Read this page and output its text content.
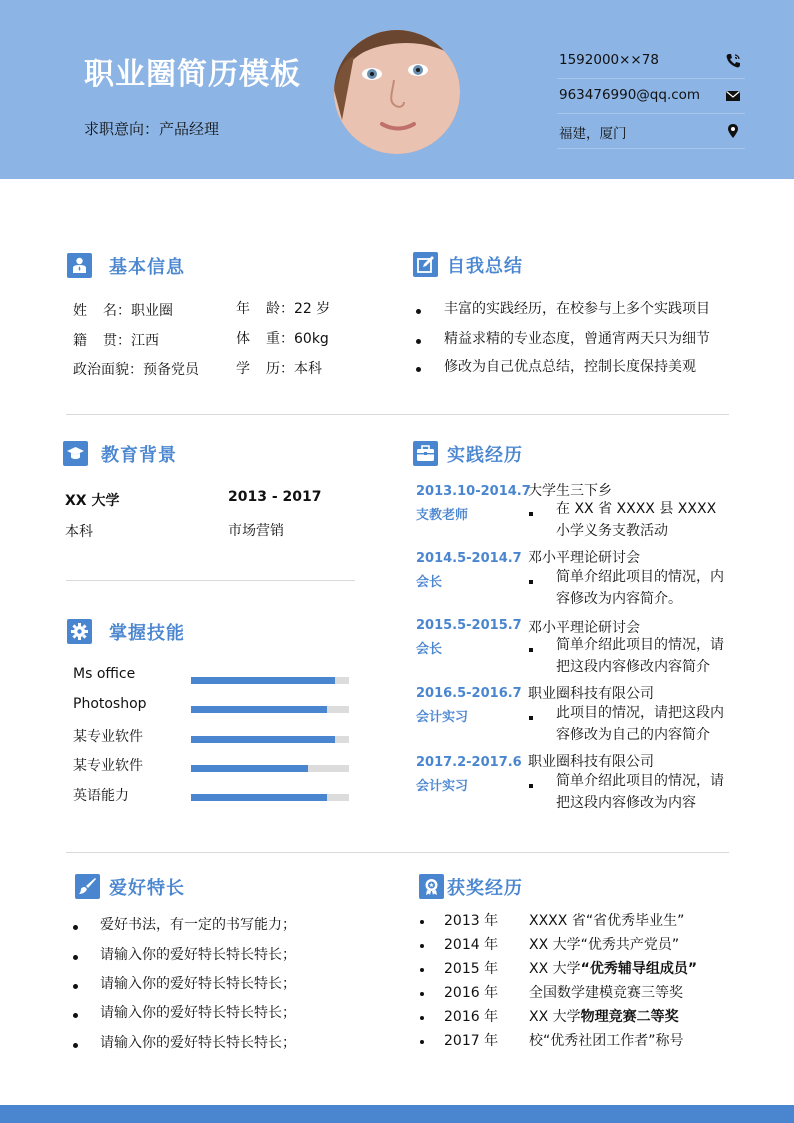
职业圈简历模板
求职意向：产品经理
1592000××78
963476990@qq.com
福建，厦门
基本信息
姓 名：职业圈	年 龄：22 岁
籍 贯：江西	体 重：60kg
政治面貌：预备党员	学 历：本科
自我总结
丰富的实践经历，在校参与上多个实践项目
精益求精的专业态度，曾通宵两天只为细节
修改为自己优点总结，控制长度保持美观
教育背景
XX 大学	2013 - 2017
本科	市场营销
掌握技能
Ms office
Photoshop
某专业软件
某专业软件
英语能力
实践经历
2013.10-2014.7
支教老师
大学生三下乡
在 XX 省 XXXX 县 XXXX 小学义务支教活动
2014.5-2014.7
会长
邓小平理论研讨会
简单介绍此项目的情况，内容修改为内容简介。
2015.5-2015.7
会长
邓小平理论研讨会
简单介绍此项目的情况，请把这段内容修改内容简介
2016.5-2016.7
会计实习
职业圈科技有限公司
此项目的情况，请把这段内容修改为自己的内容简介
2017.2-2017.6
会计实习
职业圈科技有限公司
简单介绍此项目的情况，请把这段内容修改为内容
爱好特长
爱好书法，有一定的书写能力；
请输入你的爱好特长特长特长；
请输入你的爱好特长特长特长；
请输入你的爱好特长特长特长；
请输入你的爱好特长特长特长；
获奖经历
2013 年 XXXX 省“省优秀毕业生”
2014 年 XX 大学“优秀共产党员”
2015 年 XX 大学“优秀辅导组成员”
2016 年 全国数学建模竞赛三等奖
2016 年 XX 大学物理竞赛二等奖
2017 年 校“优秀社团工作者”称号
